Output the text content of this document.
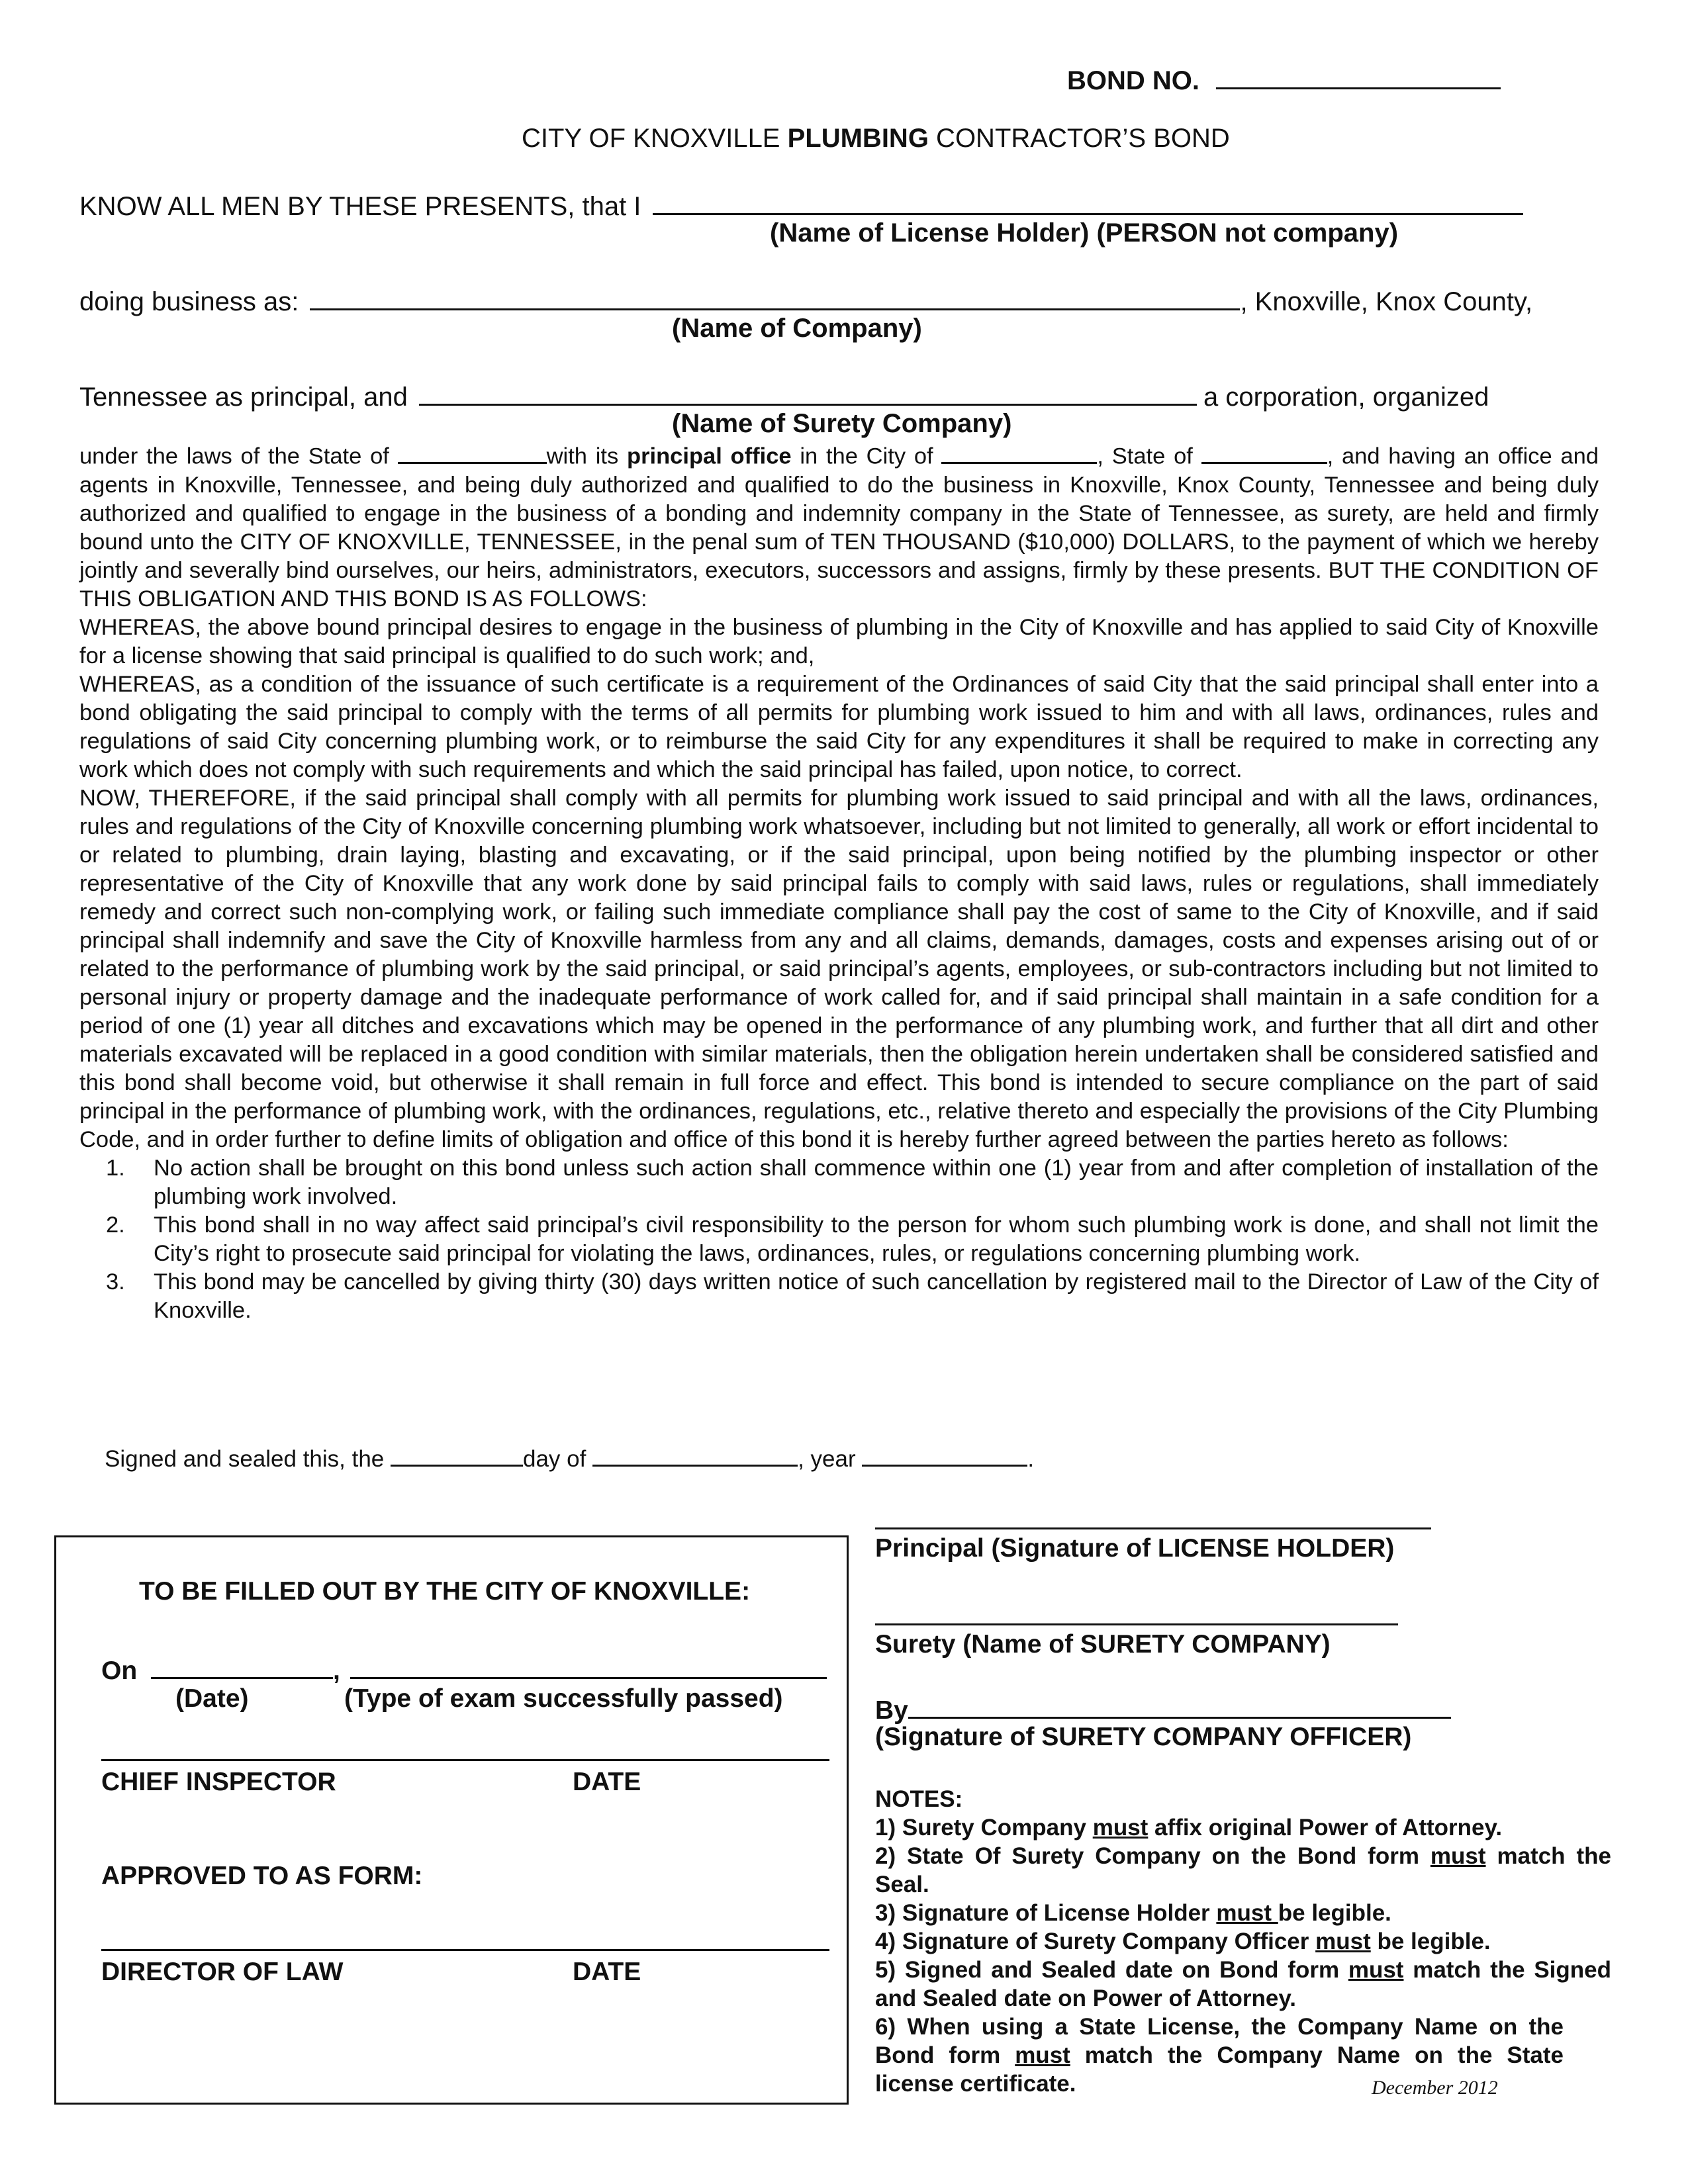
BOND NO.
CITY OF KNOXVILLE PLUMBING CONTRACTOR’S BOND
KNOW ALL MEN BY THESE PRESENTS, that I
(Name of License Holder) (PERSON not company)
doing business as:	, Knoxville, Knox County,
(Name of Company)
Tennessee as principal, and	a corporation, organized
(Name of Surety Company)

under the laws of the State of	with its principal office in the City of	, State of	, and having an office and agents in Knoxville, Tennessee, and being duly authorized and qualified to do the business in Knoxville, Knox County, Tennessee and being duly authorized and qualified to engage in the business of a bonding and indemnity company in the State of Tennessee, as surety, are held and firmly bound unto the CITY OF KNOXVILLE, TENNESSEE, in the penal sum of TEN THOUSAND ($10,000) DOLLARS, to the payment of which we hereby jointly and severally bind ourselves, our heirs, administrators, executors, successors and assigns, firmly by these presents. BUT THE CONDITION OF THIS OBLIGATION AND THIS BOND IS AS FOLLOWS:

WHEREAS, the above bound principal desires to engage in the business of plumbing in the City of Knoxville and has applied to said City of Knoxville for a license showing that said principal is qualified to do such work; and,

WHEREAS, as a condition of the issuance of such certificate is a requirement of the Ordinances of said City that the said principal shall enter into a bond obligating the said principal to comply with the terms of all permits for plumbing work issued to him and with all laws, ordinances, rules and regulations of said City concerning plumbing work, or to reimburse the said City for any expenditures it shall be required to make in correcting any work which does not comply with such requirements and which the said principal has failed, upon notice, to correct.

NOW, THEREFORE, if the said principal shall comply with all permits for plumbing work issued to said principal and with all the laws, ordinances, rules and regulations of the City of Knoxville concerning plumbing work whatsoever, including but not limited to generally, all work or effort incidental to or related to plumbing, drain laying, blasting and excavating, or if the said principal, upon being notified by the plumbing inspector or other representative of the City of Knoxville that any work done by said principal fails to comply with said laws, rules or regulations, shall immediately remedy and correct such non-complying work, or failing such immediate compliance shall pay the cost of same to the City of Knoxville, and if said principal shall indemnify and save the City of Knoxville harmless from any and all claims, demands, damages, costs and expenses arising out of or related to the performance of plumbing work by the said principal, or said principal’s agents, employees, or sub-contractors including but not limited to personal injury or property damage and the inadequate performance of work called for, and if said principal shall maintain in a safe condition for a period of one (1) year all ditches and excavations which may be opened in the performance of any plumbing work, and further that all dirt and other materials excavated will be replaced in a good condition with similar materials, then the obligation herein undertaken shall be considered satisfied and this bond shall become void, but otherwise it shall remain in full force and effect. This bond is intended to secure compliance on the part of said principal in the performance of plumbing work, with the ordinances, regulations, etc., relative thereto and especially the provisions of the City Plumbing Code, and in order further to define limits of obligation and office of this bond it is hereby further agreed between the parties hereto as follows:

1. No action shall be brought on this bond unless such action shall commence within one (1) year from and after completion of installation of the plumbing work involved.
2. This bond shall in no way affect said principal’s civil responsibility to the person for whom such plumbing work is done, and shall not limit the City’s right to prosecute said principal for violating the laws, ordinances, rules, or regulations concerning plumbing work.
3. This bond may be cancelled by giving thirty (30) days written notice of such cancellation by registered mail to the Director of Law of the City of Knoxville.
Signed and sealed this, the	day of	, year	.
TO BE FILLED OUT BY THE CITY OF KNOXVILLE:
On	,
(Date)	(Type of exam successfully passed)
CHIEF INSPECTOR	DATE
APPROVED TO AS FORM:
DIRECTOR OF LAW	DATE
Principal (Signature of LICENSE HOLDER)
Surety (Name of SURETY COMPANY)
By
(Signature of SURETY COMPANY OFFICER)

NOTES:

1) Surety Company must affix original Power of Attorney.

2) State Of Surety Company on the Bond form must match the Seal.

3) Signature of License Holder must be legible.

4) Signature of Surety Company Officer must be legible.

5) Signed and Sealed date on Bond form must match the Signed and Sealed date on Power of Attorney.

6) When using a State License, the Company Name on the Bond form must match the Company Name on the State license certificate.	December 2012
